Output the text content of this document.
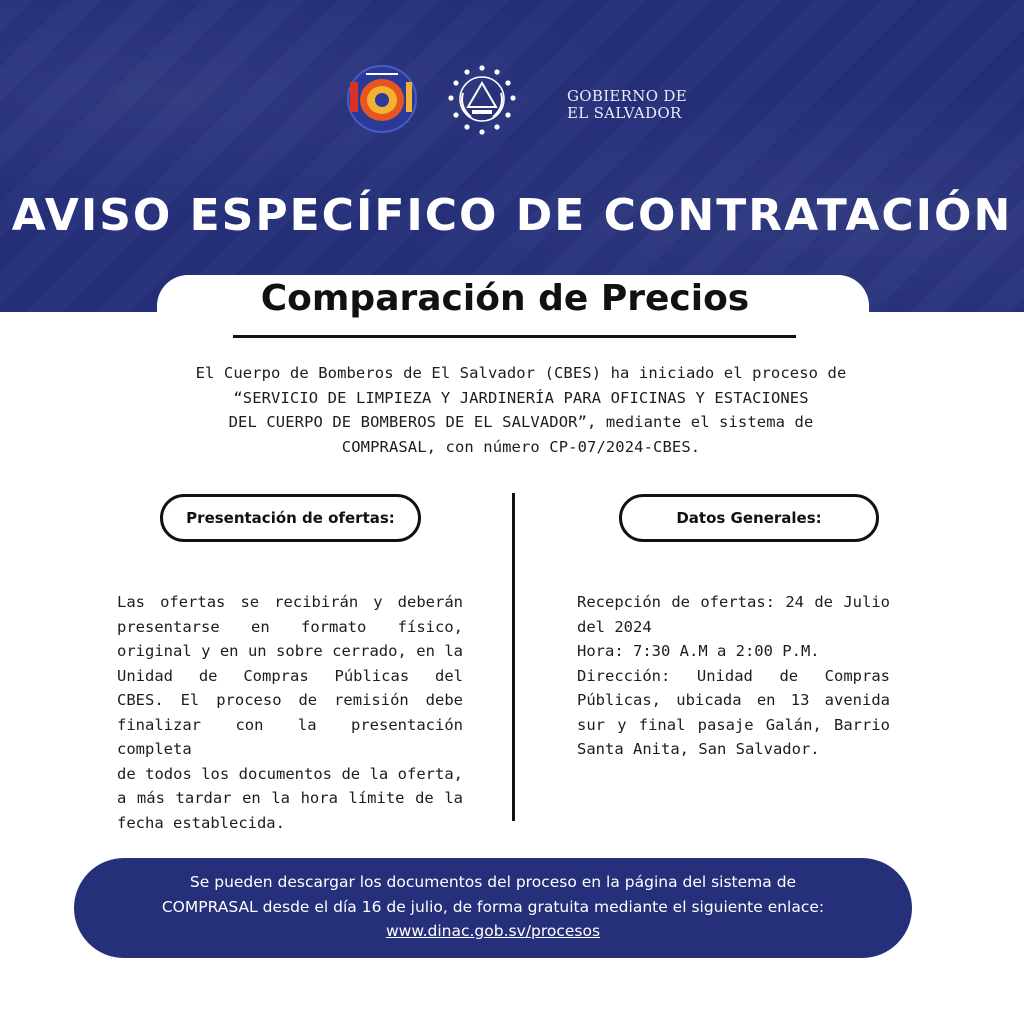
GOBIERNO DE
EL SALVADOR
AVISO ESPECÍFICO DE CONTRATACIÓN
Comparación de Precios
El Cuerpo de Bomberos de El Salvador (CBES) ha iniciado el proceso de
“SERVICIO DE LIMPIEZA Y JARDINERÍA PARA OFICINAS Y ESTACIONES
DEL CUERPO DE BOMBEROS DE EL SALVADOR”, mediante el sistema de
COMPRASAL, con número CP-07/2024-CBES.
Presentación de ofertas:	Datos Generales:
Las ofertas se recibirán y deberán
presentarse en formato físico,
original y en un sobre cerrado, en la
Unidad de Compras Públicas del
CBES. El proceso de remisión debe
finalizar con la presentación completa
de todos los documentos de la oferta,
a más tardar en la hora límite de la
fecha establecida.
Recepción de ofertas: 24 de Julio
del 2024
Hora: 7:30 A.M a 2:00 P.M.
Dirección: Unidad de Compras
Públicas, ubicada en 13 avenida
sur y final pasaje Galán, Barrio
Santa Anita, San Salvador.
Se pueden descargar los documentos del proceso en la página del sistema de
COMPRASAL desde el día 16 de julio, de forma gratuita mediante el siguiente enlace:
www.dinac.gob.sv/procesos
